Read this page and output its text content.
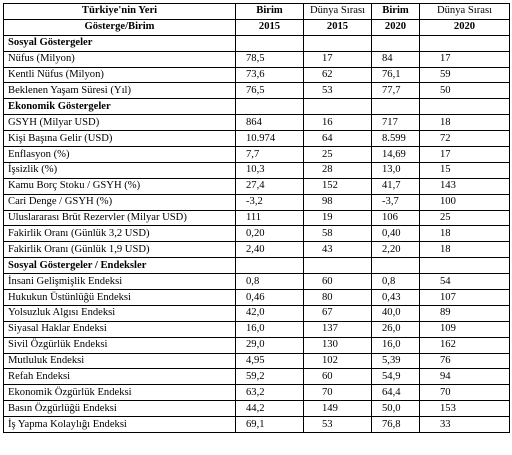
Türkiye'nin Yeri	Birim	Dünya Sırası	Birim	Dünya Sırası
Gösterge/Birim	2015	2015	2020	2020
Sosyal Göstergeler				
Nüfus (Milyon)	78,5	17	84	17
Kentli Nüfus (Milyon)	73,6	62	76,1	59
Beklenen Yaşam Süresi (Yıl)	76,5	53	77,7	50
Ekonomik Göstergeler				
GSYH (Milyar USD)	864	16	717	18
Kişi Başına Gelir (USD)	10.974	64	8.599	72
Enflasyon (%)	7,7	25	14,69	17
İşsizlik (%)	10,3	28	13,0	15
Kamu Borç Stoku / GSYH (%)	27,4	152	41,7	143
Cari Denge / GSYH (%)	-3,2	98	-3,7	100
Uluslararası Brüt Rezervler (Milyar USD)	111	19	106	25
Fakirlik Oranı (Günlük 3,2 USD)	0,20	58	0,40	18
Fakirlik Oranı (Günlük 1,9 USD)	2,40	43	2,20	18
Sosyal Göstergeler / Endeksler				
İnsani Gelişmişlik Endeksi	0,8	60	0,8	54
Hukukun Üstünlüğü Endeksi	0,46	80	0,43	107
Yolsuzluk Algısı Endeksi	42,0	67	40,0	89
Siyasal Haklar Endeksi	16,0	137	26,0	109
Sivil Özgürlük Endeksi	29,0	130	16,0	162
Mutluluk Endeksi	4,95	102	5,39	76
Refah Endeksi	59,2	60	54,9	94
Ekonomik Özgürlük Endeksi	63,2	70	64,4	70
Basın Özgürlüğü Endeksi	44,2	149	50,0	153
İş Yapma Kolaylığı Endeksi	69,1	53	76,8	33
